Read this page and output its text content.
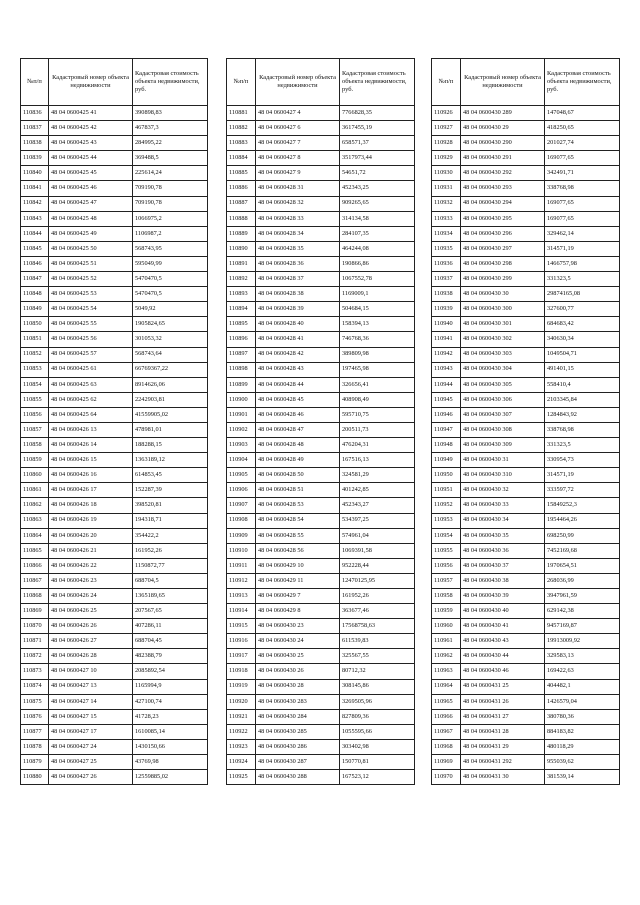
№п/п	Кадастровый номер объекта недвижимости	Кадастровая стоимость объекта недвижимости, руб.
110836	48 04 0600425 41	390898,83
110837	48 04 0600425 42	467837,3
110838	48 04 0600425 43	284995,22
110839	48 04 0600425 44	369488,5
110840	48 04 0600425 45	225614,24
110841	48 04 0600425 46	709190,78
110842	48 04 0600425 47	709190,78
110843	48 04 0600425 48	1066975,2
110844	48 04 0600425 49	1106987,2
110845	48 04 0600425 50	568743,95
110846	48 04 0600425 51	595049,99
110847	48 04 0600425 52	5470470,5
110848	48 04 0600425 53	5470470,5
110849	48 04 0600425 54	5049,92
110850	48 04 0600425 55	1905824,65
110851	48 04 0600425 56	301053,32
110852	48 04 0600425 57	568743,64
110853	48 04 0600425 61	66769367,22
110854	48 04 0600425 63	8914626,06
110855	48 04 0600425 62	2242903,81
110856	48 04 0600425 64	41559905,02
110857	48 04 0600426 13	478981,01
110858	48 04 0600426 14	188288,15
110859	48 04 0600426 15	1363189,12
110860	48 04 0600426 16	614853,45
110861	48 04 0600426 17	152287,39
110862	48 04 0600426 18	398520,81
110863	48 04 0600426 19	194318,71
110864	48 04 0600426 20	354422,2
110865	48 04 0600426 21	161952,26
110866	48 04 0600426 22	1150872,77
110867	48 04 0600426 23	688704,5
110868	48 04 0600426 24	1365189,65
110869	48 04 0600426 25	207567,65
110870	48 04 0600426 26	407286,11
110871	48 04 0600426 27	688704,45
110872	48 04 0600426 28	482388,79
110873	48 04 0600427 10	2085892,54
110874	48 04 0600427 13	1165994,9
110875	48 04 0600427 14	427100,74
110876	48 04 0600427 15	41728,23
110877	48 04 0600427 17	1610085,14
110878	48 04 0600427 24	1430150,66
110879	48 04 0600427 25	43769,98
110880	48 04 0600427 26	12559885,02
№п/п	Кадастровый номер объекта недвижимости	Кадастровая стоимость объекта недвижимости, руб.
110881	48 04 0600427 4	7766828,35
110882	48 04 0600427 6	3617455,19
110883	48 04 0600427 7	658571,37
110884	48 04 0600427 8	3517973,44
110885	48 04 0600427 9	54651,72
110886	48 04 0600428 31	452343,25
110887	48 04 0600428 32	909265,65
110888	48 04 0600428 33	314134,58
110889	48 04 0600428 34	284107,35
110890	48 04 0600428 35	464244,08
110891	48 04 0600428 36	190866,86
110892	48 04 0600428 37	1067552,78
110893	48 04 0600428 38	1169009,1
110894	48 04 0600428 39	504684,15
110895	48 04 0600428 40	158394,13
110896	48 04 0600428 41	746768,36
110897	48 04 0600428 42	389809,98
110898	48 04 0600428 43	197465,98
110899	48 04 0600428 44	326656,41
110900	48 04 0600428 45	408908,49
110901	48 04 0600428 46	595710,75
110902	48 04 0600428 47	200511,73
110903	48 04 0600428 48	476204,31
110904	48 04 0600428 49	167516,13
110905	48 04 0600428 50	324581,29
110906	48 04 0600428 51	401242,85
110907	48 04 0600428 53	452343,27
110908	48 04 0600428 54	534397,25
110909	48 04 0600428 55	574961,04
110910	48 04 0600428 56	1069391,58
110911	48 04 0600429 10	952228,44
110912	48 04 0600429 11	12470125,95
110913	48 04 0600429 7	161952,26
110914	48 04 0600429 8	363677,46
110915	48 04 0600430 23	17568758,63
110916	48 04 0600430 24	611539,83
110917	48 04 0600430 25	325567,55
110918	48 04 0600430 26	80712,32
110919	48 04 0600430 28	308145,86
110920	48 04 0600430 283	3269505,96
110921	48 04 0600430 284	827809,36
110922	48 04 0600430 285	1055595,66
110923	48 04 0600430 286	303402,98
110924	48 04 0600430 287	150770,81
110925	48 04 0600430 288	167523,12
№п/п	Кадастровый номер объекта недвижимости	Кадастровая стоимость объекта недвижимости, руб.
110926	48 04 0600430 289	147048,67
110927	48 04 0600430 29	418250,65
110928	48 04 0600430 290	201027,74
110929	48 04 0600430 291	169077,65
110930	48 04 0600430 292	342491,71
110931	48 04 0600430 293	338768,98
110932	48 04 0600430 294	169077,65
110933	48 04 0600430 295	169077,65
110934	48 04 0600430 296	329462,14
110935	48 04 0600430 297	314571,19
110936	48 04 0600430 298	1466757,98
110937	48 04 0600430 299	331323,5
110938	48 04 0600430 30	29874165,08
110939	48 04 0600430 300	327600,77
110940	48 04 0600430 301	684683,42
110941	48 04 0600430 302	340630,34
110942	48 04 0600430 303	1049504,71
110943	48 04 0600430 304	491401,15
110944	48 04 0600430 305	558410,4
110945	48 04 0600430 306	2103345,84
110946	48 04 0600430 307	1284843,92
110947	48 04 0600430 308	338768,98
110948	48 04 0600430 309	331323,5
110949	48 04 0600430 31	330954,73
110950	48 04 0600430 310	314571,19
110951	48 04 0600430 32	333597,72
110952	48 04 0600430 33	15849252,3
110953	48 04 0600430 34	1954464,26
110954	48 04 0600430 35	698250,99
110955	48 04 0600430 36	7452169,68
110956	48 04 0600430 37	1970654,51
110957	48 04 0600430 38	268036,99
110958	48 04 0600430 39	3947961,59
110959	48 04 0600430 40	629142,38
110960	48 04 0600430 41	9457169,87
110961	48 04 0600430 43	19913009,92
110962	48 04 0600430 44	329583,13
110963	48 04 0600430 46	169422,63
110964	48 04 0600431 25	404482,1
110965	48 04 0600431 26	1426579,04
110966	48 04 0600431 27	380780,36
110967	48 04 0600431 28	884183,82
110968	48 04 0600431 29	480118,29
110969	48 04 0600431 292	955039,62
110970	48 04 0600431 30	381539,14
